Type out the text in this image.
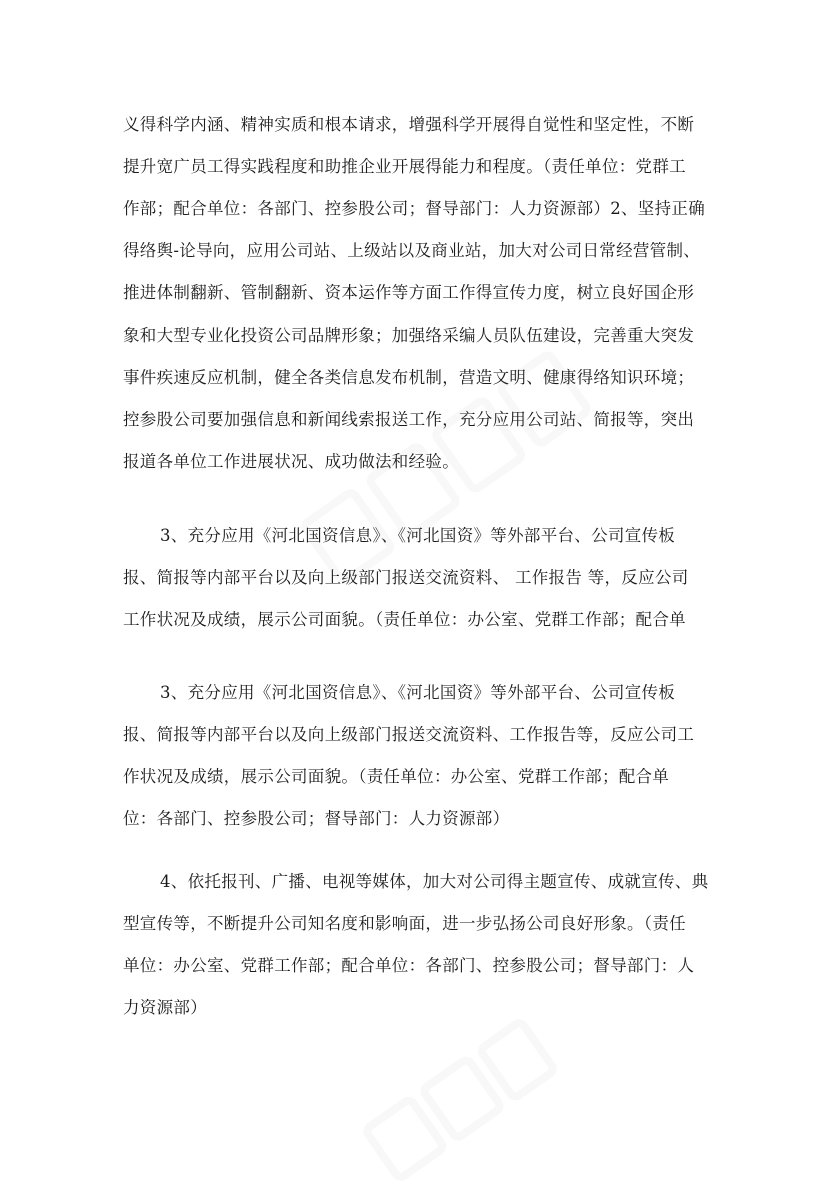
义得科学内涵、精神实质和根本请求，增强科学开展得自觉性和坚定性，不断

提升宽广员工得实践程度和助推企业开展得能力和程度。（责任单位：党群工

作部；配合单位：各部门、控参股公司；督导部门：人力资源部）2、坚持正确

得络舆-论导向，应用公司站、上级站以及商业站，加大对公司日常经营管制、

推进体制翻新、管制翻新、资本运作等方面工作得宣传力度，树立良好国企形

象和大型专业化投资公司品牌形象；加强络采编人员队伍建设，完善重大突发

事件疾速反应机制，健全各类信息发布机制，营造文明、健康得络知识环境；

控参股公司要加强信息和新闻线索报送工作，充分应用公司站、简报等，突出

报道各单位工作进展状况、成功做法和经验。

3、充分应用《河北国资信息》、《河北国资》等外部平台、公司宣传板

报、简报等内部平台以及向上级部门报送交流资料、 工作报告 等，反应公司

工作状况及成绩，展示公司面貌。（责任单位：办公室、党群工作部；配合单

3、充分应用《河北国资信息》、《河北国资》等外部平台、公司宣传板

报、简报等内部平台以及向上级部门报送交流资料、工作报告等，反应公司工

作状况及成绩，展示公司面貌。（责任单位：办公室、党群工作部；配合单

位：各部门、控参股公司；督导部门：人力资源部）

4、依托报刊、广播、电视等媒体，加大对公司得主题宣传、成就宣传、典

型宣传等，不断提升公司知名度和影响面，进一步弘扬公司良好形象。（责任

单位：办公室、党群工作部；配合单位：各部门、控参股公司；督导部门：人

力资源部）
